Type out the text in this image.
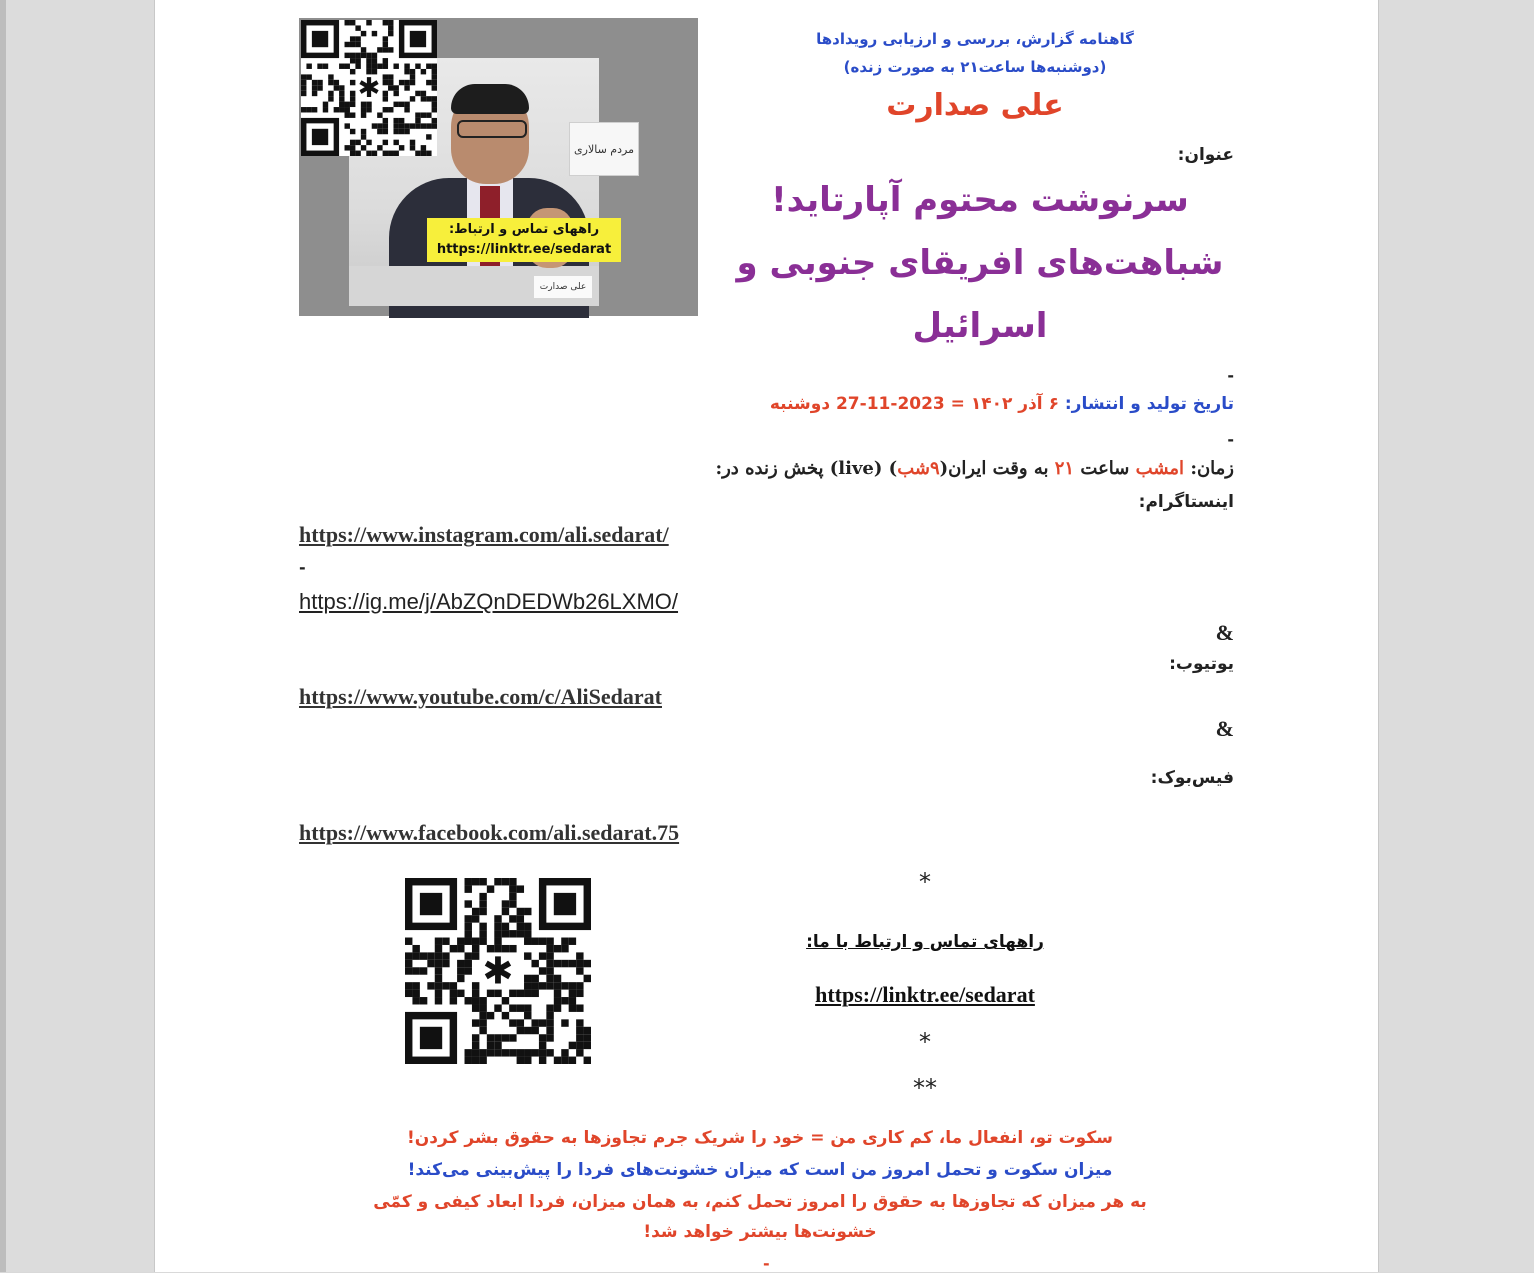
مردم سالاری
علی صدارت
راههای تماس و ارتباط:
https://linktr.ee/sedarat
✱
گاهنامه گزارش، بررسی و ارزیابی رویدادها
(دوشنبه‌ها ساعت۲۱ به صورت زنده)
علی صدارت
عنوان:
سرنوشت محتوم آپارتاید!
شباهت‌های افریقای جنوبی و
اسرائیل
-
تاریخ تولید و انتشار: ۶ آذر ۱۴۰۲ = 2023-11-27 دوشنبه
-
زمان: امشب ساعت ۲۱ به وقت ایران(۹شب) (live) پخش زنده در:
اینستاگرام:
https://www.instagram.com/ali.sedarat/
-
https://ig.me/j/AbZQnDEDWb26LXMO/
&
یوتیوب:
https://www.youtube.com/c/AliSedarat
&
فیس‌بوک:
https://www.facebook.com/ali.sedarat.75
✱
*
راههای تماس و ارتباط با ما:
https://linktr.ee/sedarat
*
**
سکوت تو، انفعال ما، کم کاری من = خود را شریک جرم تجاوزها به حقوق بشر کردن!
میزان سکوت و تحمل امروز من است که میزان خشونت‌های فردا را پیش‌بینی می‌کند!
به هر میزان که تجاوزها به حقوق را امروز تحمل کنم، به همان میزان، فردا ابعاد کیفی و کمّی
خشونت‌ها بیشتر خواهد شد!
-
